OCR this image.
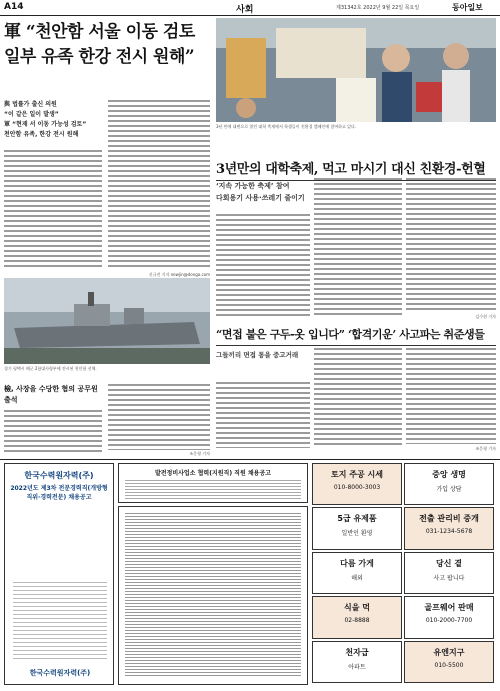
A14	사회	제31342호 2022년 9월 22일 목요일	동아일보
軍 “천안함 서울 이동 검토
일부 유족 한강 전시 원해”
與 법률가 출신 의원
“이 같은 일이 발생”
軍 “현재 서 이동 가능성 검토”
천안함 유족, 한강 전시 원해
신규진 기자 newjin@donga.com
3년 만에 대면으로 열린 대학 축제에서 학생들이 친환경 캠페인에 참여하고 있다.
3년만의 대학축제, 먹고 마시기 대신 친환경-헌혈
‘지속 가능한 축제’ 참여
다회용기 사용·쓰레기 줄이기
김수현 기자
경기 평택시 해군 2함대사령부에 전시된 천안함 선체.
“면접 붙은 구두-옷 입니다” ‘합격기운’ 사고파는 취준생들
그들끼리 면접 통을 중고거래
조응형 기자
檢, 사장을 수당한 혐의 공무원 출석
조응형 기자
한국수력원자력(주)
2022년도 제3차 전문경력직(개방형직위·경력전문) 채용공고
한국수력원자력(주)
발전정비사업소 협력(지원직) 직원 채용공고	토지 주공 시세
010-8000-3003
중앙 생명
가입 상담
5급 유제품
일반인 환영
전출 관리비 중개
031-1234-5678
다름 가게
해외
당신 곁
사고 팝니다
식을 먹
02-8888
골프웨어 판매
010-2000-7700
천자급
아파트
유엔지구
010-5500
